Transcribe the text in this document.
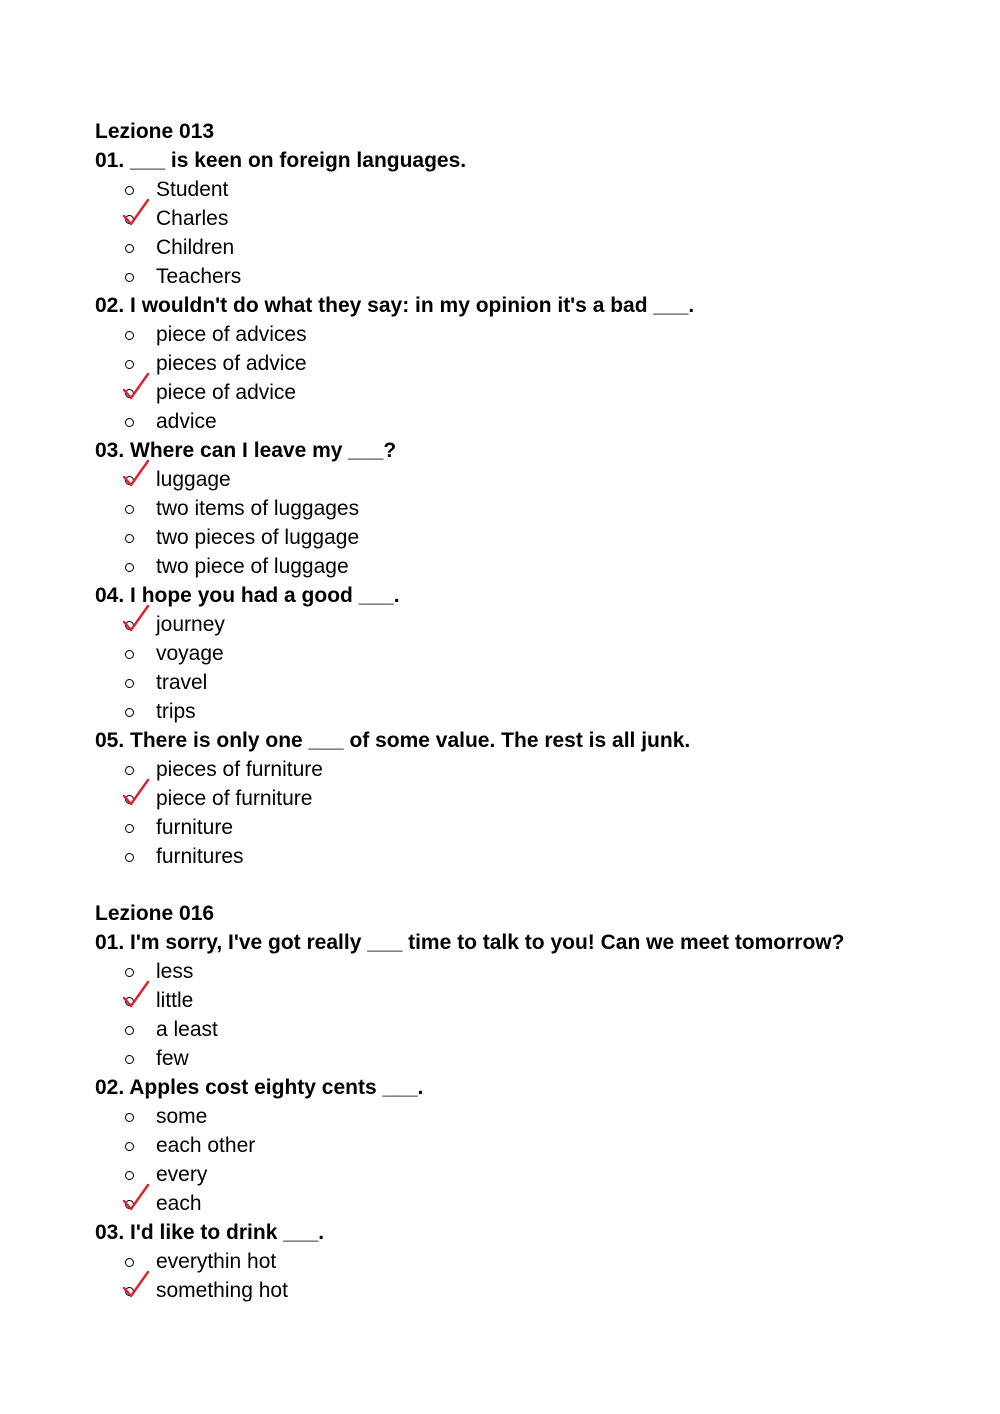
Lezione 013
01. ___ is keen on foreign languages.
Student
Charles
Children
Teachers
02. I wouldn't do what they say: in my opinion it's a bad ___.
piece of advices
pieces of advice
piece of advice
advice
03. Where can I leave my ___?
luggage
two items of luggages
two pieces of luggage
two piece of luggage
04. I hope you had a good ___.
journey
voyage
travel
trips
05. There is only one ___ of some value. The rest is all junk.
pieces of furniture
piece of furniture
furniture
furnitures
Lezione 016
01. I'm sorry, I've got really ___ time to talk to you! Can we meet tomorrow?
less
little
a least
few
02. Apples cost eighty cents ___.
some
each other
every
each
03. I'd like to drink ___.
everythin hot
something hot
